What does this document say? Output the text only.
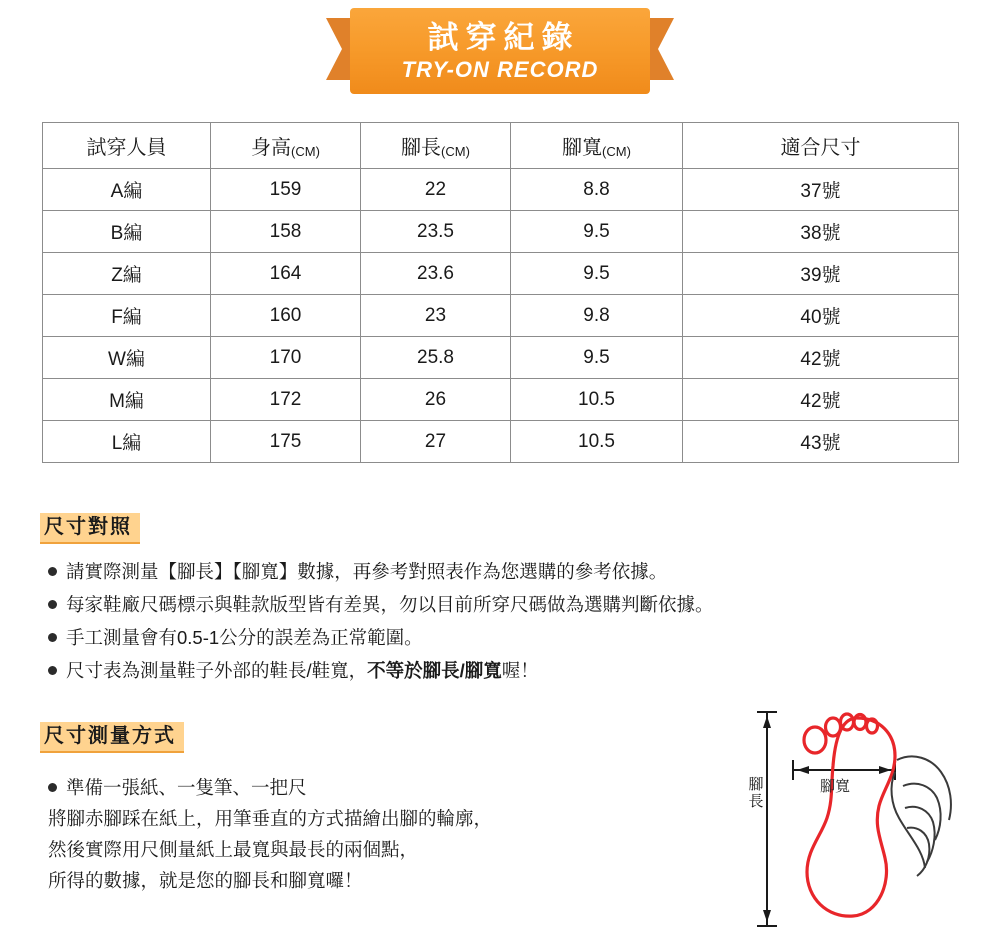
試穿紀錄
TRY-ON RECORD
試穿人員	身高(CM)	腳長(CM)	腳寬(CM)	適合尺寸
A編	159	22	8.8	37號
B編	158	23.5	9.5	38號
Z編	164	23.6	9.5	39號
F編	160	23	9.8	40號
W編	170	25.8	9.5	42號
M編	172	26	10.5	42號
L編	175	27	10.5	43號
尺寸對照
請實際測量【腳長】【腳寬】數據，再參考對照表作為您選購的參考依據。
每家鞋廠尺碼標示與鞋款版型皆有差異，勿以目前所穿尺碼做為選購判斷依據。
手工測量會有0.5-1公分的誤差為正常範圍。
尺寸表為測量鞋子外部的鞋長/鞋寬，不等於腳長/腳寬喔！
尺寸測量方式
準備一張紙、一隻筆、一把尺
將腳赤腳踩在紙上，用筆垂直的方式描繪出腳的輪廓，
然後實際用尺側量紙上最寬與最長的兩個點，
所得的數據，就是您的腳長和腳寬囉！
腳長
腳寬
